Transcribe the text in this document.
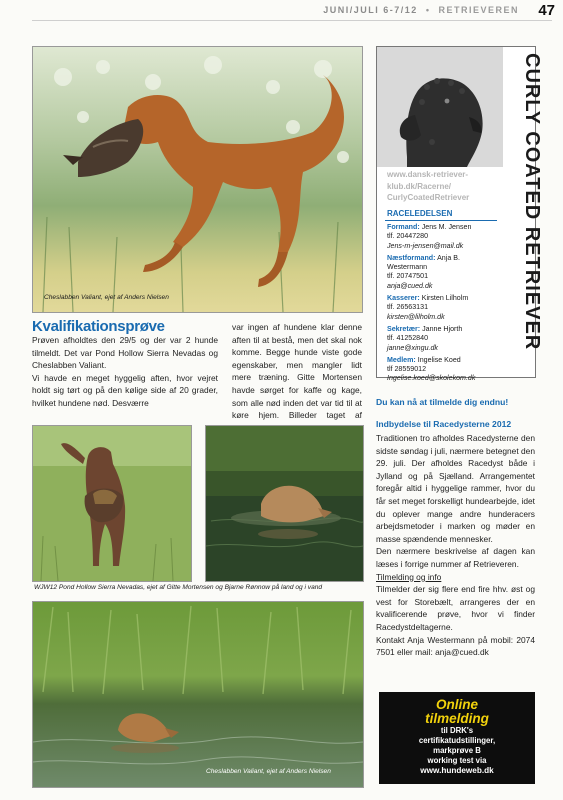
JUNI/JULI 6-7/12  •  RETRIEVEREN 47
Cheslabben Valiant, ejet af Anders Nielsen
Kvalifikationsprøve

Prøven afholdtes den 29/5 og der var 2 hunde tilmeldt. Det var Pond Hollow Sierra Nevadas og Cheslabben Valiant.

Vi havde en meget hyggelig aften, hvor vejret holdt sig tørt og på den kølige side af 20 grader, hvilket hundene nød. Desværre

var ingen af hundene klar denne aften til at bestå, men det skal nok komme. Begge hunde viste gode egenskaber, men mangler lidt mere træning. Gitte Mortensen havde sørget for kaffe og kage, som alle nød inden det var tid til at køre hjem. Billeder taget af

WJW12 Pond Hollow Sierra Nevadas, ejet af Gitte Mortensen og Bjarne Rønnow på land og i vand
Cheslabben Valiant, ejet af Anders Nielsen
www.dansk-retriever-
klub.dk/Racerne/
CurlyCoatedRetriever
RACELEDELSEN
Formand: Jens M. Jensen
tlf. 20447280
Jens-m-jensen@mail.dk
Næstformand: Anja B. Westermann
tlf. 20747501
anja@cued.dk
Kasserer: Kirsten Lilholm
tlf. 26563131
kirsten@lilholm.dk
Sekretær: Janne Hjorth
tlf. 41252840
janne@xingu.dk
Medlem: Ingelise Koed
tlf 28559012
Ingelise.koed@skolekom.dk
CURLY COATED RETRIEVER
Du kan nå at tilmelde dig endnu!
Indbydelse til Racedysterne 2012

Traditionen tro afholdes Racedysterne den sidste søndag i juli, nærmere betegnet den 29. juli. Der afholdes Racedyst både i Jylland og på Sjælland. Arrangementet foregår altid i hyggelige rammer, hvor du får set meget forskelligt hundearbejde, idet du oplever mange andre hunderacers arbejdsmetoder i marken og møder en masse spændende mennesker.

Den nærmere beskrivelse af dagen kan læses i forrige nummer af Retrieveren.

Tilmelding og info

Tilmelder der sig flere end fire hhv. øst og vest for Storebælt, arrangeres der en kvalificerende prøve, hvor vi finder Racedystdeltagerne.

Kontakt Anja Westermann på mobil: 2074 7501 eller mail: anja@cued.dk

Online
tilmelding
til DRK's
certifikatudstillinger,
markprøve B
working test via
www.hundeweb.dk
